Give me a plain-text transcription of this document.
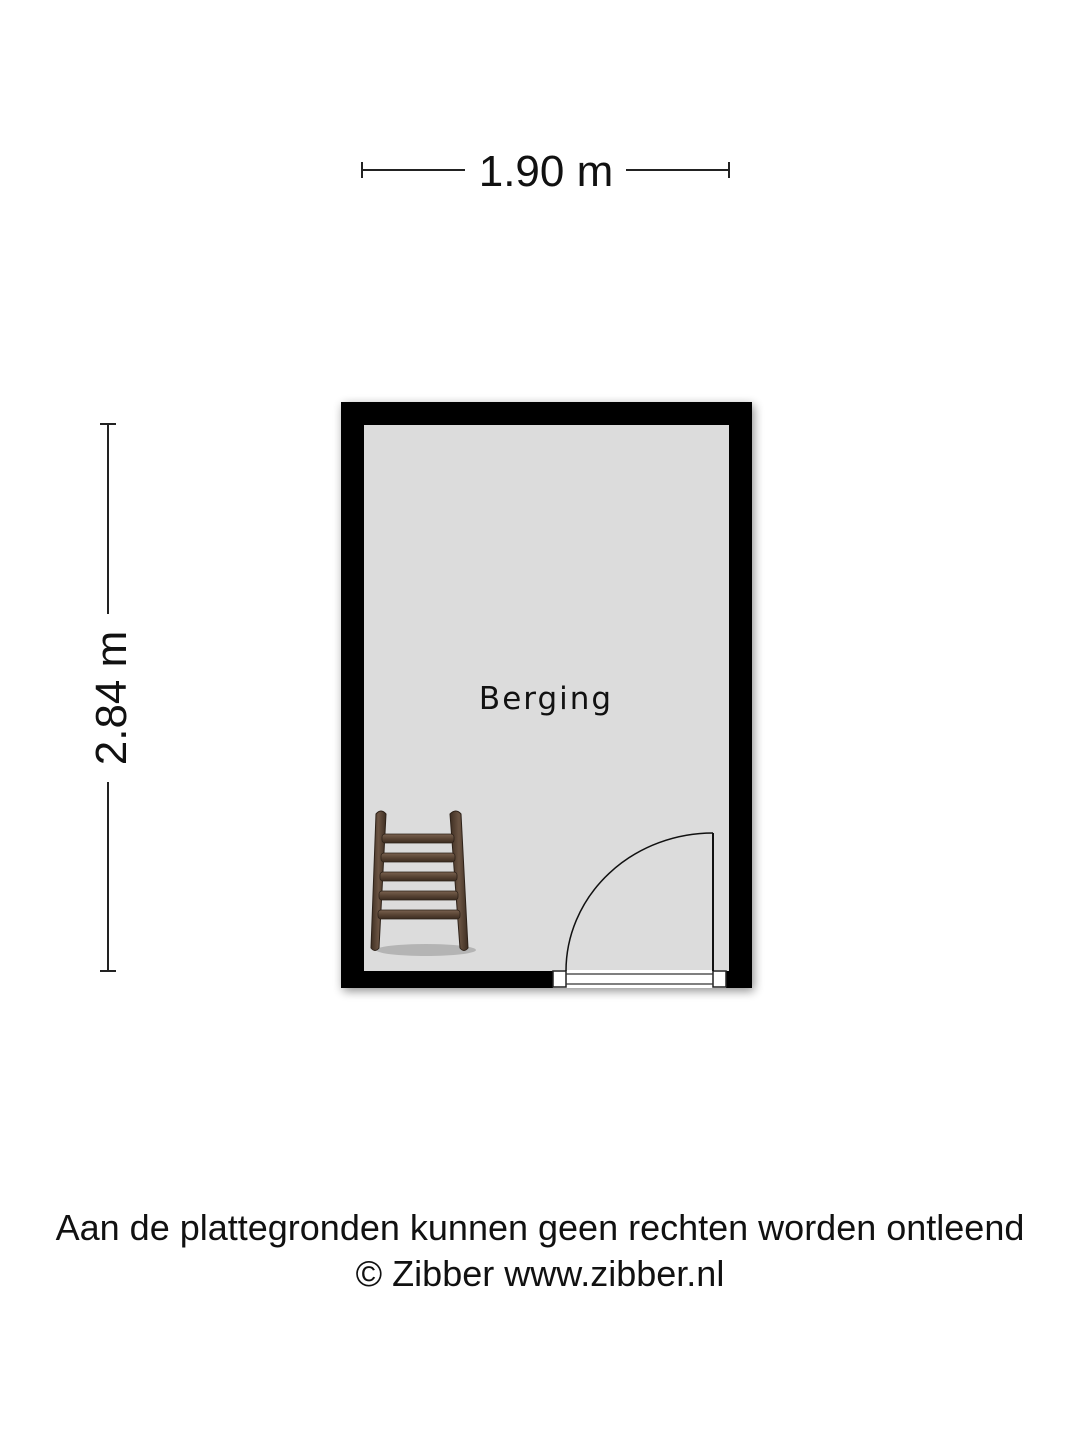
1.90 m
2.84 m	Berging
Aan de plattegronden kunnen geen rechten worden ontleend
© Zibber www.zibber.nl
